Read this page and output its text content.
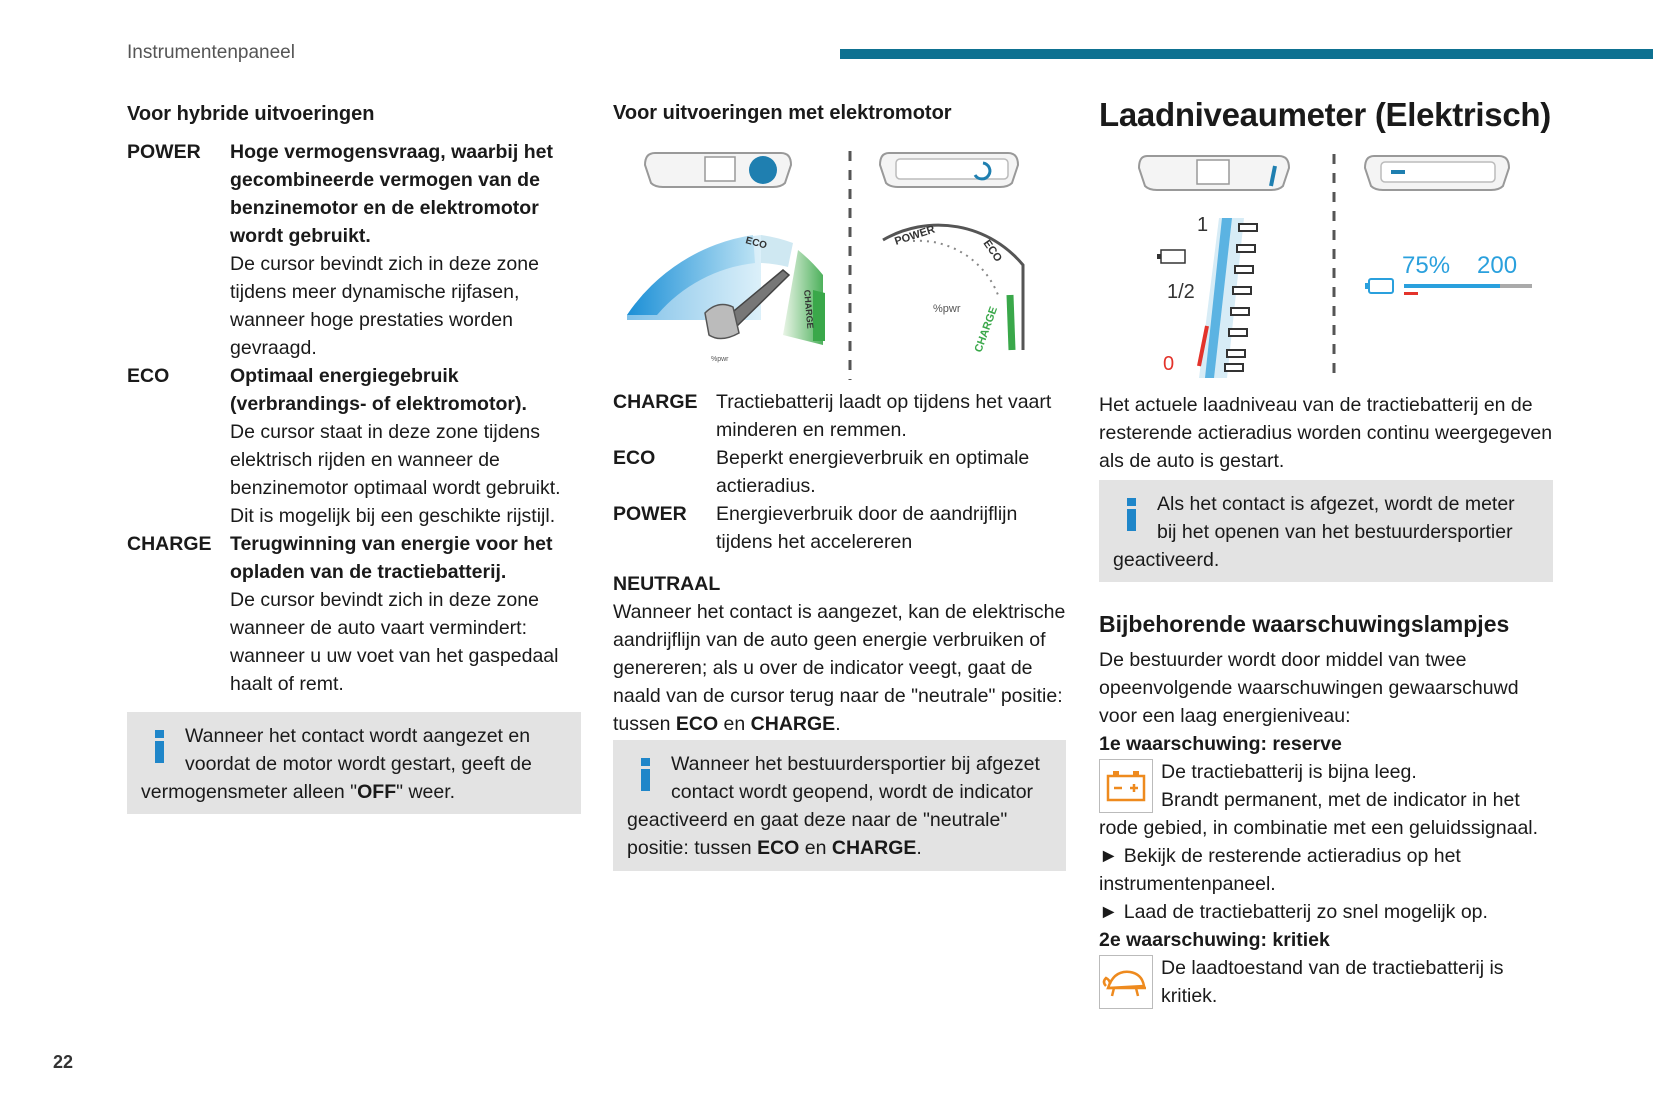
Instrumentenpaneel
22
Voor hybride uitvoeringen
POWER	Hoge vermogensvraag, waarbij het gecombineerde vermogen van de benzinemotor en de elektromotor wordt gebruikt.
De cursor bevindt zich in deze zone tijdens meer dynamische rijfasen, wanneer hoge prestaties worden gevraagd.
ECO	Optimaal energiegebruik (verbrandings- of elektromotor).
De cursor staat in deze zone tijdens elektrisch rijden en wanneer de benzinemotor optimaal wordt gebruikt. Dit is mogelijk bij een geschikte rijstijl.
CHARGE Terugwinning van energie voor het opladen van de tractiebatterij.
De cursor bevindt zich in deze zone wanneer de auto vaart vermindert: wanneer u uw voet van het gaspedaal haalt of remt.
Wanneer het contact wordt aangezet en voordat de motor wordt gestart, geeft de vermogensmeter alleen "OFF" weer.
Voor uitvoeringen met elektromotor
POWER
ECO
CHARGE
%pwr
POWER
ECO
CHARGE
%pwr
CHARGE Tractiebatterij laadt op tijdens het vaart minderen en remmen.
ECO	Beperkt energieverbruik en optimale actieradius.
POWER	Energieverbruik door de aandrijflijn tijdens het accelereren
NEUTRAAL
Wanneer het contact is aangezet, kan de elektrische aandrijflijn van de auto geen energie verbruiken of genereren; als u over de indicator veegt, gaat de naald van de cursor terug naar de "neutrale" positie: tussen ECO en CHARGE.
Wanneer het bestuurdersportier bij afgezet contact wordt geopend, wordt de indicator geactiveerd en gaat deze naar de "neutrale" positie: tussen ECO en CHARGE.
Laadniveaumeter (Elektrisch)
1
1/2
0
75% 200
Het actuele laadniveau van de tractiebatterij en de resterende actieradius worden continu weergegeven als de auto is gestart.
Als het contact is afgezet, wordt de meter bij het openen van het bestuurdersportier geactiveerd.
Bijbehorende waarschuwingslampjes
De bestuurder wordt door middel van twee opeenvolgende waarschuwingen gewaarschuwd voor een laag energieniveau:
1e waarschuwing: reserve
De tractiebatterij is bijna leeg.
Brandt permanent, met de indicator in het rode gebied, in combinatie met een geluidssignaal.
► Bekijk de resterende actieradius op het instrumentenpaneel.
► Laad de tractiebatterij zo snel mogelijk op.
2e waarschuwing: kritiek
De laadtoestand van de tractiebatterij is kritiek.
